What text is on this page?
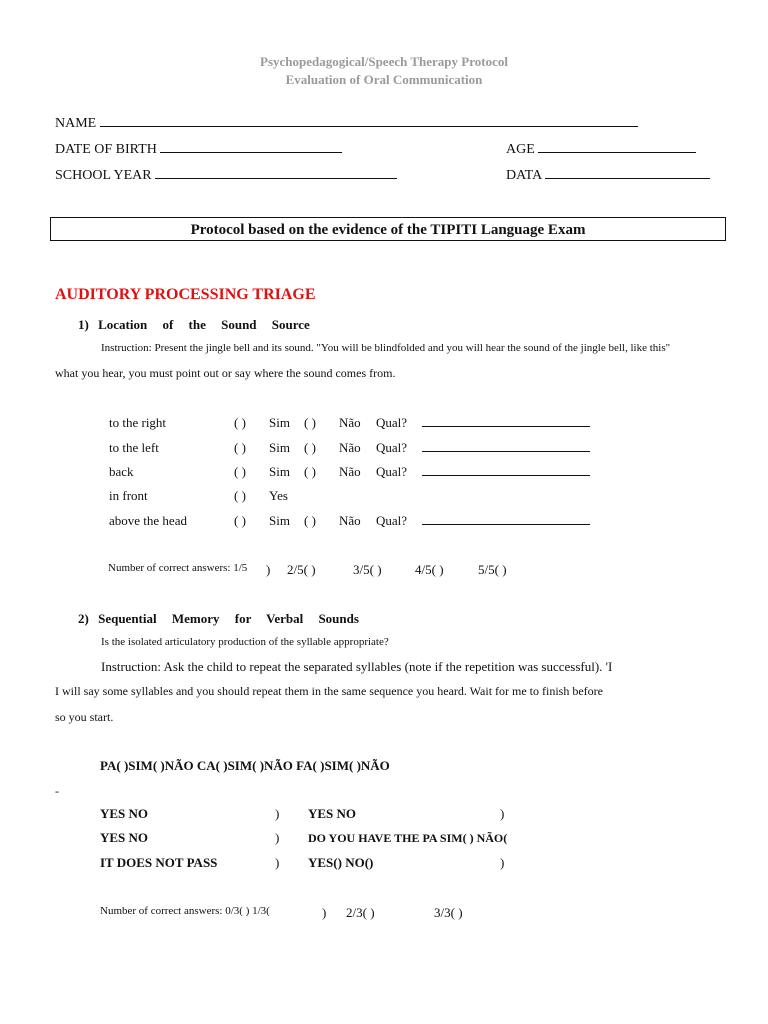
Psychopedagogical/Speech Therapy Protocol
Evaluation of Oral Communication
NAME
DATE OF BIRTH	AGE
SCHOOL YEAR	DATA
Protocol based on the evidence of the TIPITI Language Exam
AUDITORY PROCESSING TRIAGE
1) Location of the Sound Source
Instruction: Present the jingle bell and its sound. "You will be blindfolded and you will hear the sound of the jingle bell, like this"
what you hear, you must point out or say where the sound comes from.
to the right	( ) Sim ( ) Não Qual?
to the left	( ) Sim ( ) Não Qual?
back	( ) Sim ( ) Não Qual?
in front	( ) Yes
above the head	( ) Sim ( ) Não Qual?
Number of correct answers: 1/5 ) 2/5( )	3/5( )	4/5( )	5/5( )
2) Sequential Memory for Verbal Sounds
Is the isolated articulatory production of the syllable appropriate?
Instruction: Ask the child to repeat the separated syllables (note if the repetition was successful). 'I
I will say some syllables and you should repeat them in the same sequence you heard. Wait for me to finish before
so you start.
PA( )SIM( )NÃO CA( )SIM( )NÃO FA( )SIM( )NÃO
-
YES NO	) YES NO	)
YES NO	) DO YOU HAVE THE PA SIM( ) NÃO(
IT DOES NOT PASS	) YES() NO()	)
Number of correct answers: 0/3( ) 1/3(	) 2/3( )	3/3( )
